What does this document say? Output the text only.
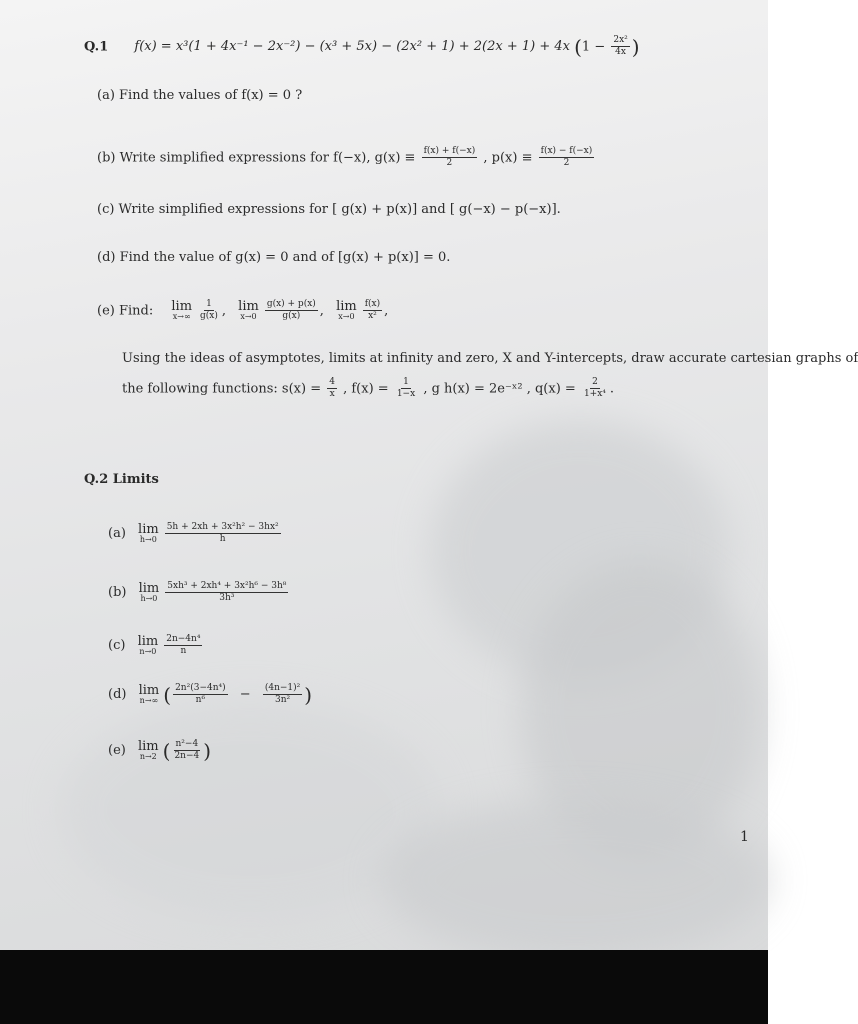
Q.1 f(x) = x³(1 + 4x⁻¹ − 2x⁻²) − (x³ + 5x) − (2x² + 1) + 2(2x + 1) + 4x ($1 - \frac{\text{2x²}}{4x}$ )
(a) Find the values of f(x) = 0 ?
(b) Write simplified expressions for f(−x), $g(x) \equiv \frac{f(x) + f(-x)}{2}$ , $p(x) \equiv \frac{f(x) - f(-x)}{2}$
(c) Write simplified expressions for [ g(x) + p(x)] and [ g(−x) − p(−x)].
(d) Find the value of g(x) = 0 and of [g(x) + p(x)] = 0.
(e) Find: lim
$x\to\infty \frac{1}{g(x)}$ , lim
$x\to 0 \frac{g(x) + p(x)}{g(x)}$ , lim
$x\to 0 \frac{f(x)}{\text{x²}}$ ,
Using the ideas of asymptotes, limits at infinity and zero, X and Y-intercepts, draw accurate cartesian graphs of
the following functions: $s(x) = \frac{4}{x}$ , $f(x) = \frac{1}{1-x}$ , g h(x) = 2e⁻ˣ² , $q(x) = \frac{2}{\text{1+x⁴}}$ .
Q.2 Limits
(a) lim
$h\to 0 \frac{\text{5h + 2xh + 3x²h² − 3hx²}}{h}$
(b) lim
$h\to 0 \frac{\text{5xh³ + 2xh⁴ + 3x²h⁶ − 3h⁸}}{\text{3h³}}$
(c) lim
$n\to 0 \frac{\text{2n−4n⁴}}{n}$
(d) lim
n→∞ ( $\frac{\text{2n²(3−4n⁴)}}{\text{n⁶}} - \frac{\text{(4n−1)²}}{\text{3n²}}$ )
(e) lim
n→2 ( $\frac{\text{n²−4}}{2n-4}$ )
1
